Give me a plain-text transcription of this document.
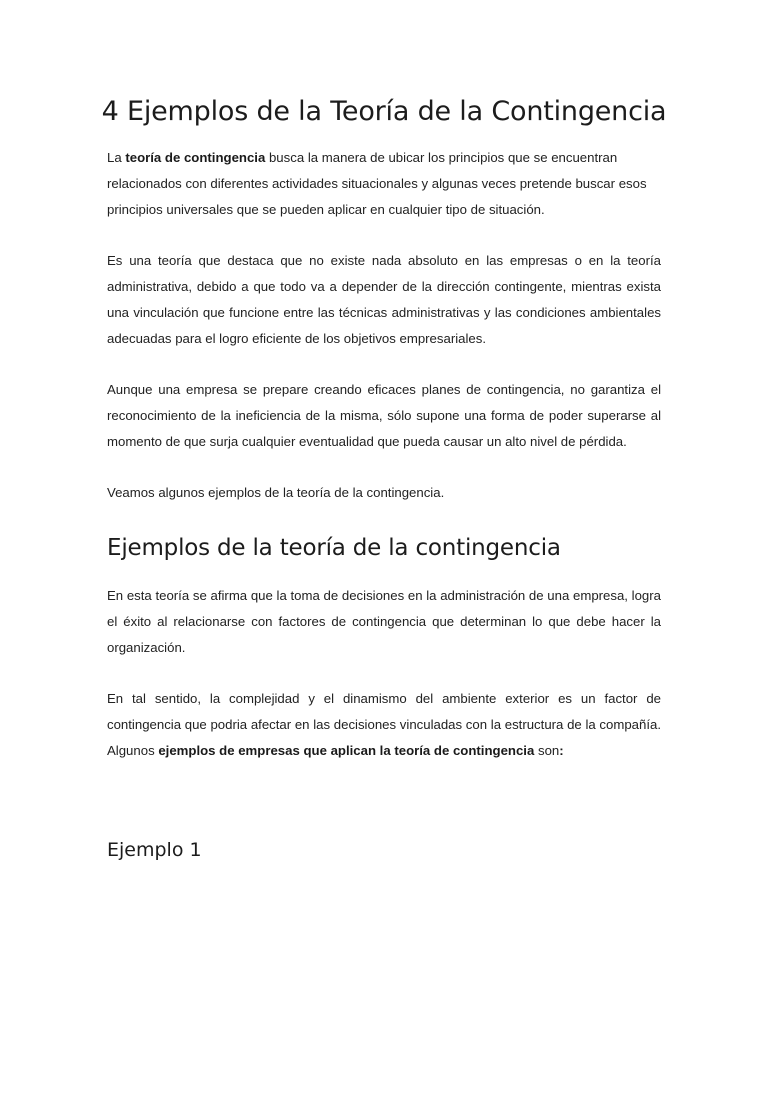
4 Ejemplos de la Teoría de la Contingencia

La teoría de contingencia busca la manera de ubicar los principios que se encuentran relacionados con diferentes actividades situacionales y algunas veces pretende buscar esos principios universales que se pueden aplicar en cualquier tipo de situación.

Es una teoría que destaca que no existe nada absoluto en las empresas o en la teoría administrativa, debido a que todo va a depender de la dirección contingente, mientras exista una vinculación que funcione entre las técnicas administrativas y las condiciones ambientales adecuadas para el logro eficiente de los objetivos empresariales.

Aunque una empresa se prepare creando eficaces planes de contingencia, no garantiza el reconocimiento de la ineficiencia de la misma, sólo supone una forma de poder superarse al momento de que surja cualquier eventualidad que pueda causar un alto nivel de pérdida.

Veamos algunos ejemplos de la teoría de la contingencia.

Ejemplos de la teoría de la contingencia

En esta teoría se afirma que la toma de decisiones en la administración de una empresa, logra el éxito al relacionarse con factores de contingencia que determinan lo que debe hacer la organización.

En tal sentido, la complejidad y el dinamismo del ambiente exterior es un factor de contingencia que podria afectar en las decisiones vinculadas con la estructura de la compañía. Algunos ejemplos de empresas que aplican la teoría de contingencia son:

Ejemplo 1
